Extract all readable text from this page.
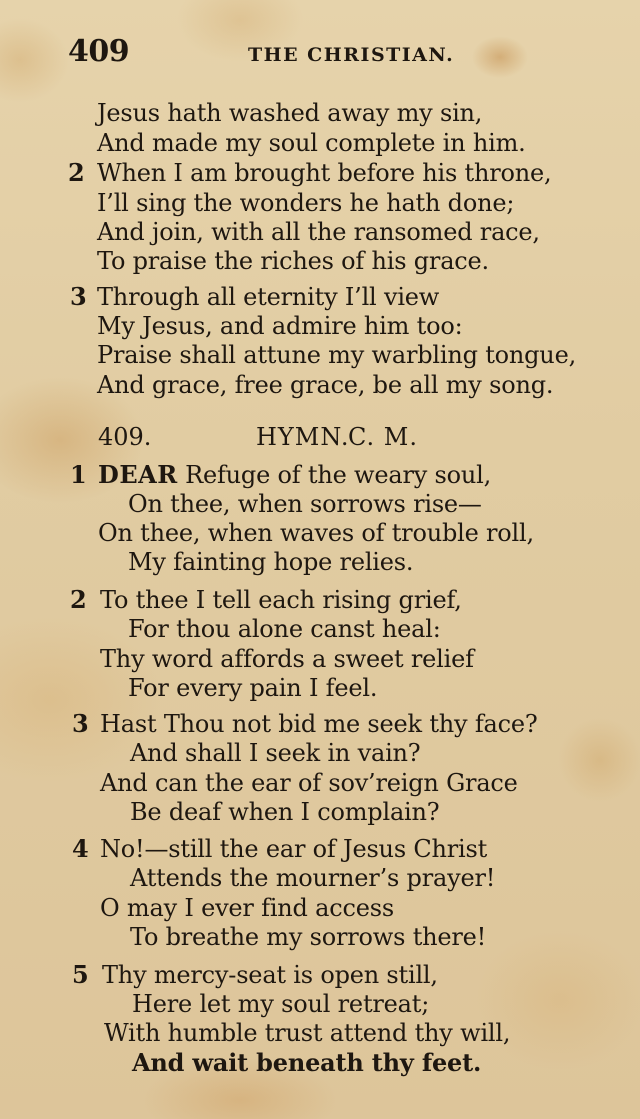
409	THE CHRISTIAN.
Jesus hath washed away my sin,
And made my soul complete in him.
2 When I am brought before his throne,
I’ll sing the wonders he hath done;
And join, with all the ransomed race,
To praise the riches of his grace.
3 Through all eternity I’ll view
My Jesus, and admire him too:
Praise shall attune my warbling tongue,
And grace, free grace, be all my song.
409.	HYMN.
C. M.
1 DEAR Refuge of the weary soul,
On thee, when sorrows rise—
On thee, when waves of trouble roll,
My fainting hope relies.
2 To thee I tell each rising grief,
For thou alone canst heal:
Thy word affords a sweet relief
For every pain I feel.
3 Hast Thou not bid me seek thy face?
And shall I seek in vain?
And can the ear of sov’reign Grace
Be deaf when I complain?
4 No!—still the ear of Jesus Christ
Attends the mourner’s prayer!
O may I ever find access
To breathe my sorrows there!
5 Thy mercy-seat is open still,
Here let my soul retreat;
With humble trust attend thy will,
And wait beneath thy feet.
